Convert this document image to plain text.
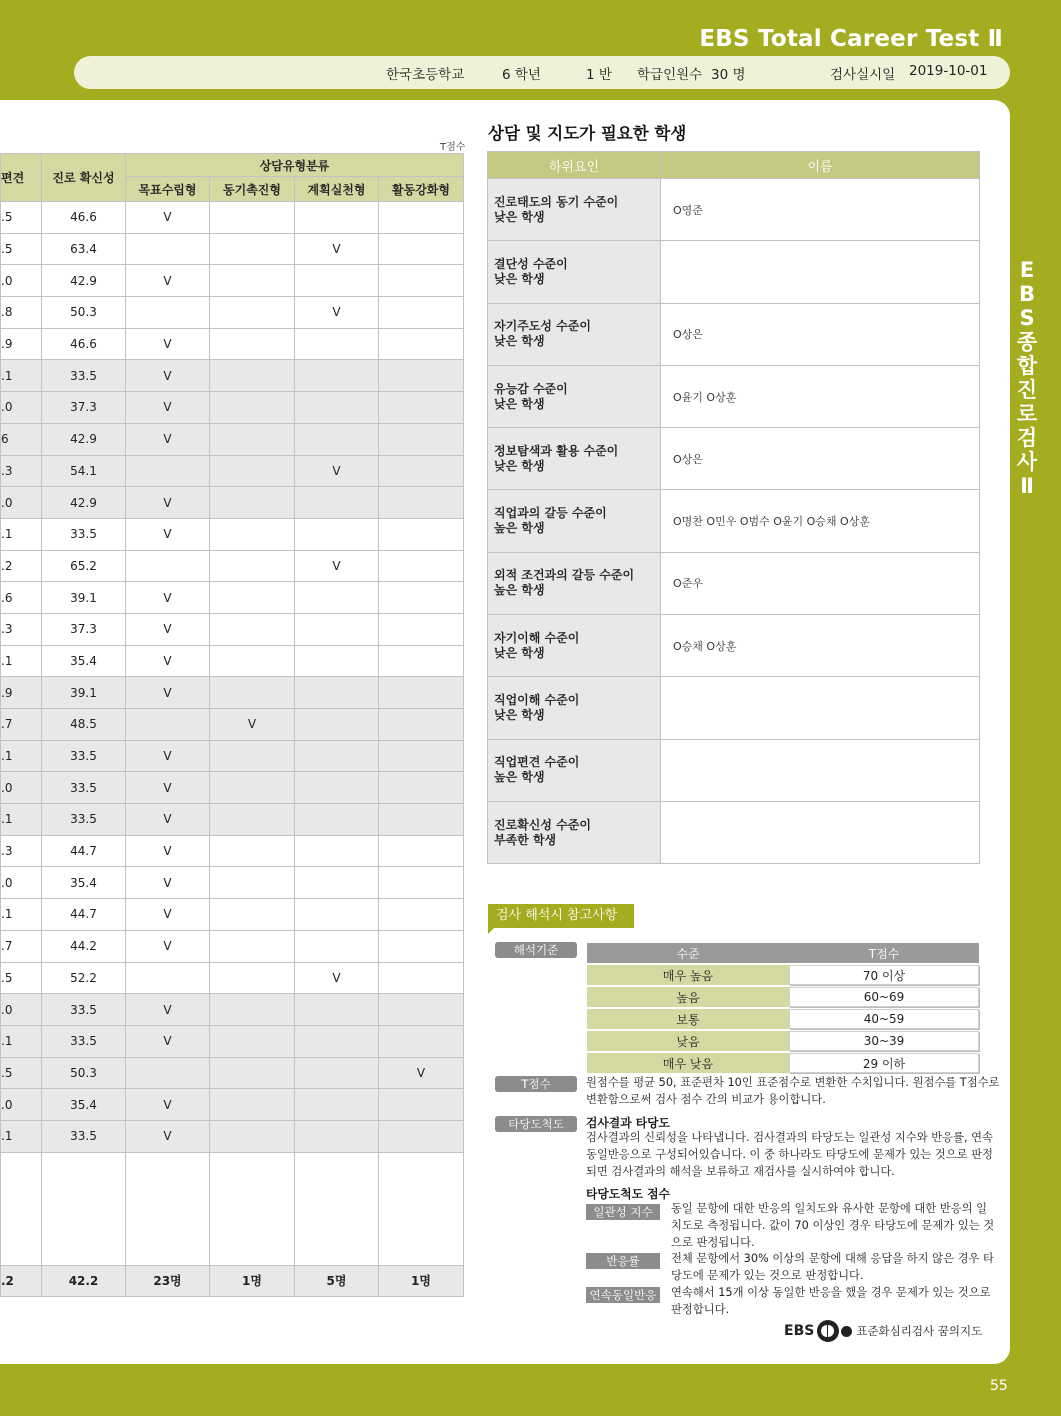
EBS Total Career Test Ⅱ
한국초등학교	6 학년	1 반 학급인원수 30 명	검사실시일 2019-10-01
E
B
S
종
합
진
로
검
사
Ⅱ
T점수
편견	진로 확신성	상담유형분류			
		목표수립형	동기촉진형	계획실천형	활동강화형
.5	46.6	V			
.5	63.4			V	
.0	42.9	V			
.8	50.3			V	
.9	46.6	V			
.1	33.5	V			
.0	37.3	V			
6	42.9	V			
.3	54.1			V	
.0	42.9	V			
.1	33.5	V			
.2	65.2			V	
.6	39.1	V			
.3	37.3	V			
.1	35.4	V			
.9	39.1	V			
.7	48.5		V		
.1	33.5	V			
.0	33.5	V			
.1	33.5	V			
.3	44.7	V			
.0	35.4	V			
.1	44.7	V			
.7	44.2	V			
.5	52.2			V	
.0	33.5	V			
.1	33.5	V			
.5	50.3				V
.0	35.4	V			
.1	33.5	V			

.2	42.2	23명	1명	5명	1명
상담 및 지도가 필요한 학생
하위요인	이름

진로태도의 동기 수준이
낮은 학생	O영준

결단성 수준이
낮은 학생	

자기주도성 수준이
낮은 학생	O상은

유능감 수준이
낮은 학생	O윤기 O상훈

정보탐색과 활용 수준이
낮은 학생	O상은

직업과의 갈등 수준이
높은 학생	O명찬 O민우 O범수 O윤기 O승채 O상훈

외적 조건과의 갈등 수준이
높은 학생	O준우

자기이해 수준이
낮은 학생	O승채 O상훈

직업이해 수준이
낮은 학생	

직업편견 수준이
높은 학생	

진로확신성 수준이
부족한 학생	

검사 해석시 참고사항
해석기준	수준	T점수
매우 높음	70 이상
높음	60~69
보통	40~59
낮음	30~39
매우 낮음	29 이하
T점수	원점수를 평균 50, 표준편차 10인 표준점수로 변환한 수치입니다. 원점수를 T점수로
변환함으로써 검사 점수 간의 비교가 용이합니다.
타당도척도	검사결과 타당도
검사결과의 신뢰성을 나타냅니다. 검사결과의 타당도는 일관성 지수와 반응률, 연속
동일반응으로 구성되어있습니다. 이 중 하나라도 타당도에 문제가 있는 것으로 판정
되면 검사결과의 해석을 보류하고 재검사를 실시하여야 합니다.
타당도척도 점수
일관성 지수	동일 문항에 대한 반응의 일치도와 유사한 문항에 대한 반응의 일
치도로 측정됩니다. 값이 70 이상인 경우 타당도에 문제가 있는 것
으로 판정됩니다.
반응률	전체 문항에서 30% 이상의 문항에 대해 응답을 하지 않은 경우 타
당도에 문제가 있는 것으로 판정합니다.
연속동일반응	연속해서 15개 이상 동일한 반응을 했을 경우 문제가 있는 것으로
판정합니다.
EBS	표준화심리검사 꿈의지도
55
